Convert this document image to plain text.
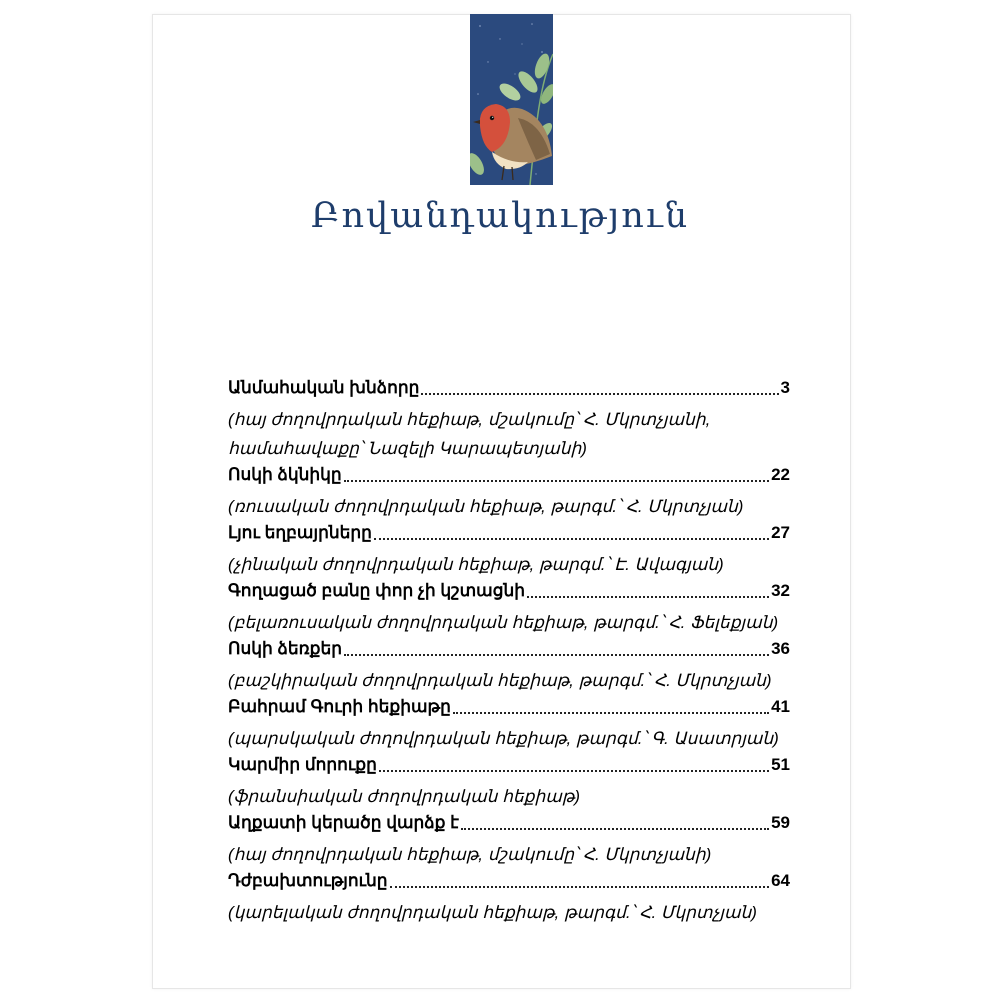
Բովանդակություն
Անմահական խնձորը	3
(հայ ժողովրդական հեքիաթ, մշակումը՝ Հ. Մկրտչյանի,
համահավաքը՝ Նազելի Կարապետյանի)
Ոսկի ձկնիկը	22
(ռուսական ժողովրդական հեքիաթ, թարգմ.՝ Հ. Մկրտչյան)
Լյու եղբայրները	27
(չինական ժողովրդական հեքիաթ, թարգմ.՝ Է. Ավագյան)
Գողացած բանը փոր չի կշտացնի	32
(բելառուսական ժողովրդական հեքիաթ, թարգմ.՝ Հ. Ֆելեքյան)
Ոսկի ձեռքեր	36
(բաշկիրական ժողովրդական հեքիաթ, թարգմ.՝ Հ. Մկրտչյան)
Բահրամ Գուրի հեքիաթը	41
(պարսկական ժողովրդական հեքիաթ, թարգմ.՝ Գ. Ասատրյան)
Կարմիր մորուքը	51
(ֆրանսիական ժողովրդական հեքիաթ)
Աղքատի կերածը վարձք է	59
(հայ ժողովրդական հեքիաթ, մշակումը՝ Հ. Մկրտչյանի)
Դժբախտությունը	64
(կարելական ժողովրդական հեքիաթ, թարգմ.՝ Հ. Մկրտչյան)
